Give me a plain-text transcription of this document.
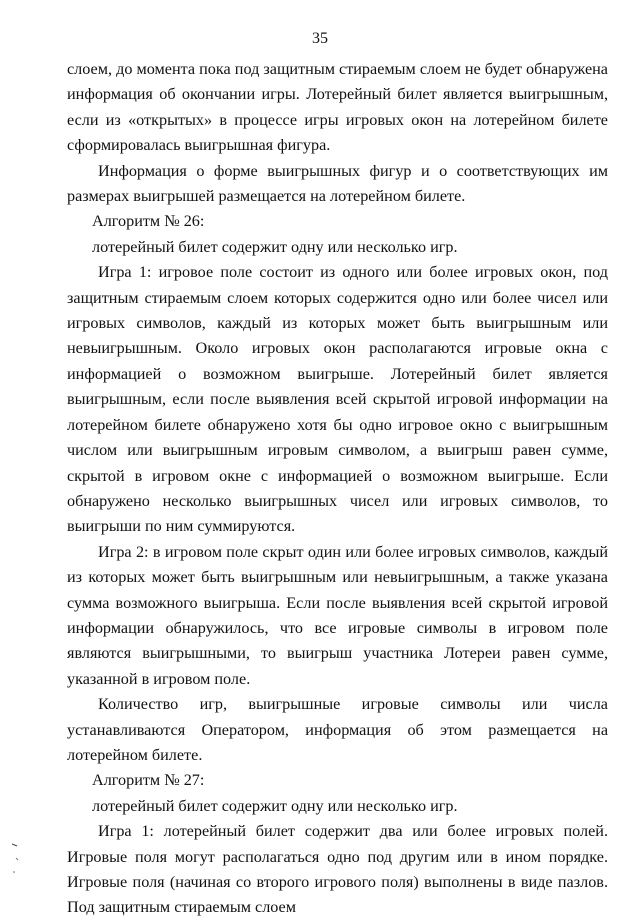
35

слоем, до момента пока под защитным стираемым слоем не будет обнаружена информация об окончании игры. Лотерейный билет является выигрышным, если из «открытых» в процессе игры игровых окон на лотерейном билете сформировалась выигрышная фигура.

Информация о форме выигрышных фигур и о соответствующих им размерах выигрышей размещается на лотерейном билете.

Алгоритм № 26:

лотерейный билет содержит одну или несколько игр.

Игра 1: игровое поле состоит из одного или более игровых окон, под защитным стираемым слоем которых содержится одно или более чисел или игровых символов, каждый из которых может быть выигрышным или невыигрышным. Около игровых окон располагаются игровые окна с информацией о возможном выигрыше. Лотерейный билет является выигрышным, если после выявления всей скрытой игровой информации на лотерейном билете обнаружено хотя бы одно игровое окно с выигрышным числом или выигрышным игровым символом, а выигрыш равен сумме, скрытой в игровом окне с информацией о возможном выигрыше. Если обнаружено несколько выигрышных чисел или игровых символов, то выигрыши по ним суммируются.

Игра 2: в игровом поле скрыт один или более игровых символов, каждый из которых может быть выигрышным или невыигрышным, а также указана сумма возможного выигрыша. Если после выявления всей скрытой игровой информации обнаружилось, что все игровые символы в игровом поле являются выигрышными, то выигрыш участника Лотереи равен сумме, указанной в игровом поле.

Количество игр, выигрышные игровые символы или числа устанавливаются Оператором, информация об этом размещается на лотерейном билете.

Алгоритм № 27:

лотерейный билет содержит одну или несколько игр.

Игра 1: лотерейный билет содержит два или более игровых полей. Игровые поля могут располагаться одно под другим или в ином порядке. Игровые поля (начиная со второго игрового поля) выполнены в виде пазлов. Под защитным стираемым слоем
